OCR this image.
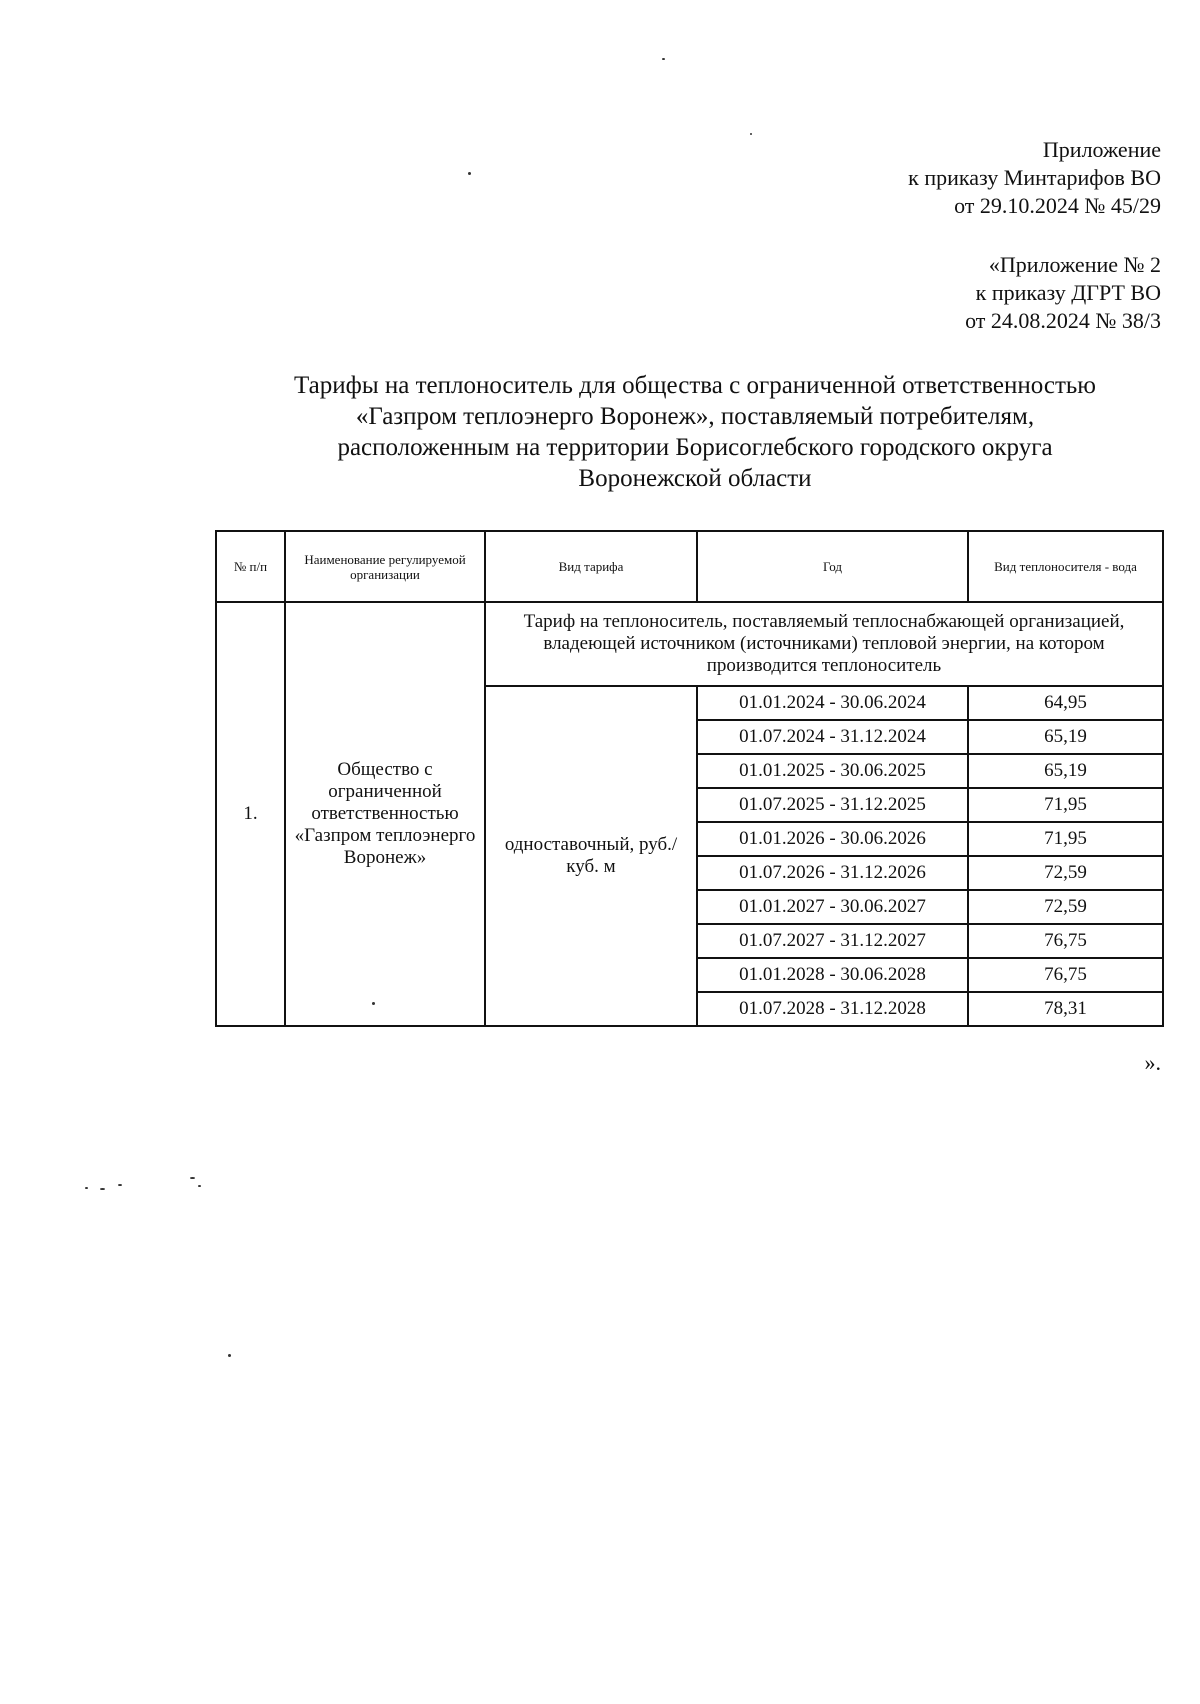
Приложение
к приказу Минтарифов ВО
от 29.10.2024 № 45/29
«Приложение № 2
к приказу ДГРТ ВО
от 24.08.2024 № 38/3
Тарифы на теплоноситель для общества с ограниченной ответственностью
«Газпром теплоэнерго Воронеж», поставляемый потребителям,
расположенным на территории Борисоглебского городского округа
Воронежской области
№ п/п	Наименование регулируемой организации	Вид тарифа	Год	Вид теплоносителя - вода
1.	Общество с ограниченной ответственностью «Газпром теплоэнерго Воронеж»	Тариф на теплоноситель, поставляемый теплоснабжающей организацией, владеющей источником (источниками) тепловой энергии, на котором производится теплоноситель		
		одноставочный, руб./куб. м	01.01.2024 - 30.06.2024	64,95
			01.07.2024 - 31.12.2024	65,19
			01.01.2025 - 30.06.2025	65,19
			01.07.2025 - 31.12.2025	71,95
			01.01.2026 - 30.06.2026	71,95
			01.07.2026 - 31.12.2026	72,59
			01.01.2027 - 30.06.2027	72,59
			01.07.2027 - 31.12.2027	76,75
			01.01.2028 - 30.06.2028	76,75
			01.07.2028 - 31.12.2028	78,31
».
